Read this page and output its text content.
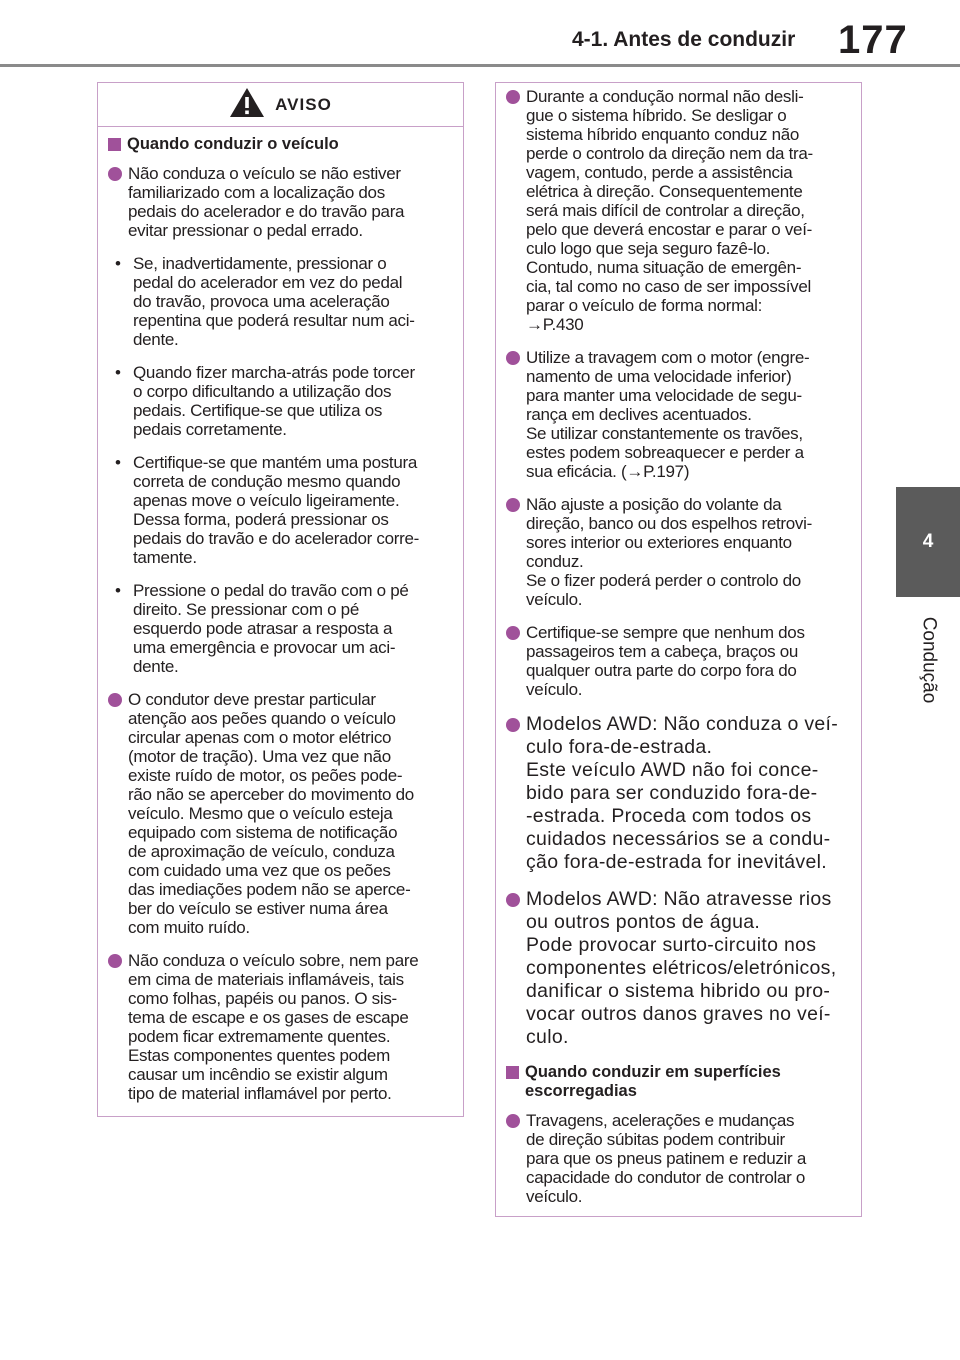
4-1. Antes de conduzir 177
4
Condução
AVISO
Quando conduzir o veículo
Não conduza o veículo se não estiver
familiarizado com a localização dos
pedais do acelerador e do travão para
evitar pressionar o pedal errado.
• Se, inadvertidamente, pressionar o
pedal do acelerador em vez do pedal
do travão, provoca uma aceleração
repentina que poderá resultar num aci-
dente.
• Quando fizer marcha-atrás pode torcer
o corpo dificultando a utilização dos
pedais. Certifique-se que utiliza os
pedais corretamente.
• Certifique-se que mantém uma postura
correta de condução mesmo quando
apenas move o veículo ligeiramente.
Dessa forma, poderá pressionar os
pedais do travão e do acelerador corre-
tamente.
• Pressione o pedal do travão com o pé
direito. Se pressionar com o pé
esquerdo pode atrasar a resposta a
uma emergência e provocar um aci-
dente.
O condutor deve prestar particular
atenção aos peões quando o veículo
circular apenas com o motor elétrico
(motor de tração). Uma vez que não
existe ruído de motor, os peões pode-
rão não se aperceber do movimento do
veículo. Mesmo que o veículo esteja
equipado com sistema de notificação
de aproximação de veículo, conduza
com cuidado uma vez que os peões
das imediações podem não se aperce-
ber do veículo se estiver numa área
com muito ruído.
Não conduza o veículo sobre, nem pare
em cima de materiais inflamáveis, tais
como folhas, papéis ou panos. O sis-
tema de escape e os gases de escape
podem ficar extremamente quentes.
Estas componentes quentes podem
causar um incêndio se existir algum
tipo de material inflamável por perto.
Durante a condução normal não desli-
gue o sistema híbrido. Se desligar o
sistema híbrido enquanto conduz não
perde o controlo da direção nem da tra-
vagem, contudo, perde a assistência
elétrica à direção. Consequentemente
será mais difícil de controlar a direção,
pelo que deverá encostar e parar o veí-
culo logo que seja seguro fazê-lo.
Contudo, numa situação de emergên-
cia, tal como no caso de ser impossível
parar o veículo de forma normal:
→P.430
Utilize a travagem com o motor (engre-
namento de uma velocidade inferior)
para manter uma velocidade de segu-
rança em declives acentuados.
Se utilizar constantemente os travões,
estes podem sobreaquecer e perder a
sua eficácia. (→P.197)
Não ajuste a posição do volante da
direção, banco ou dos espelhos retrovi-
sores interior ou exteriores enquanto
conduz.
Se o fizer poderá perder o controlo do
veículo.
Certifique-se sempre que nenhum dos
passageiros tem a cabeça, braços ou
qualquer outra parte do corpo fora do
veículo.
Modelos AWD: Não conduza o veí-
culo fora-de-estrada.
Este veículo AWD não foi conce-
bido para ser conduzido fora-de-
-estrada. Proceda com todos os
cuidados necessários se a condu-
ção fora-de-estrada for inevitável.
Modelos AWD: Não atravesse rios
ou outros pontos de água.
Pode provocar surto-circuito nos
componentes elétricos/eletrónicos,
danificar o sistema hibrido ou pro-
vocar outros danos graves no veí-
culo.
Quando conduzir em superfícies
escorregadias
Travagens, acelerações e mudanças
de direção súbitas podem contribuir
para que os pneus patinem e reduzir a
capacidade do condutor de controlar o
veículo.
